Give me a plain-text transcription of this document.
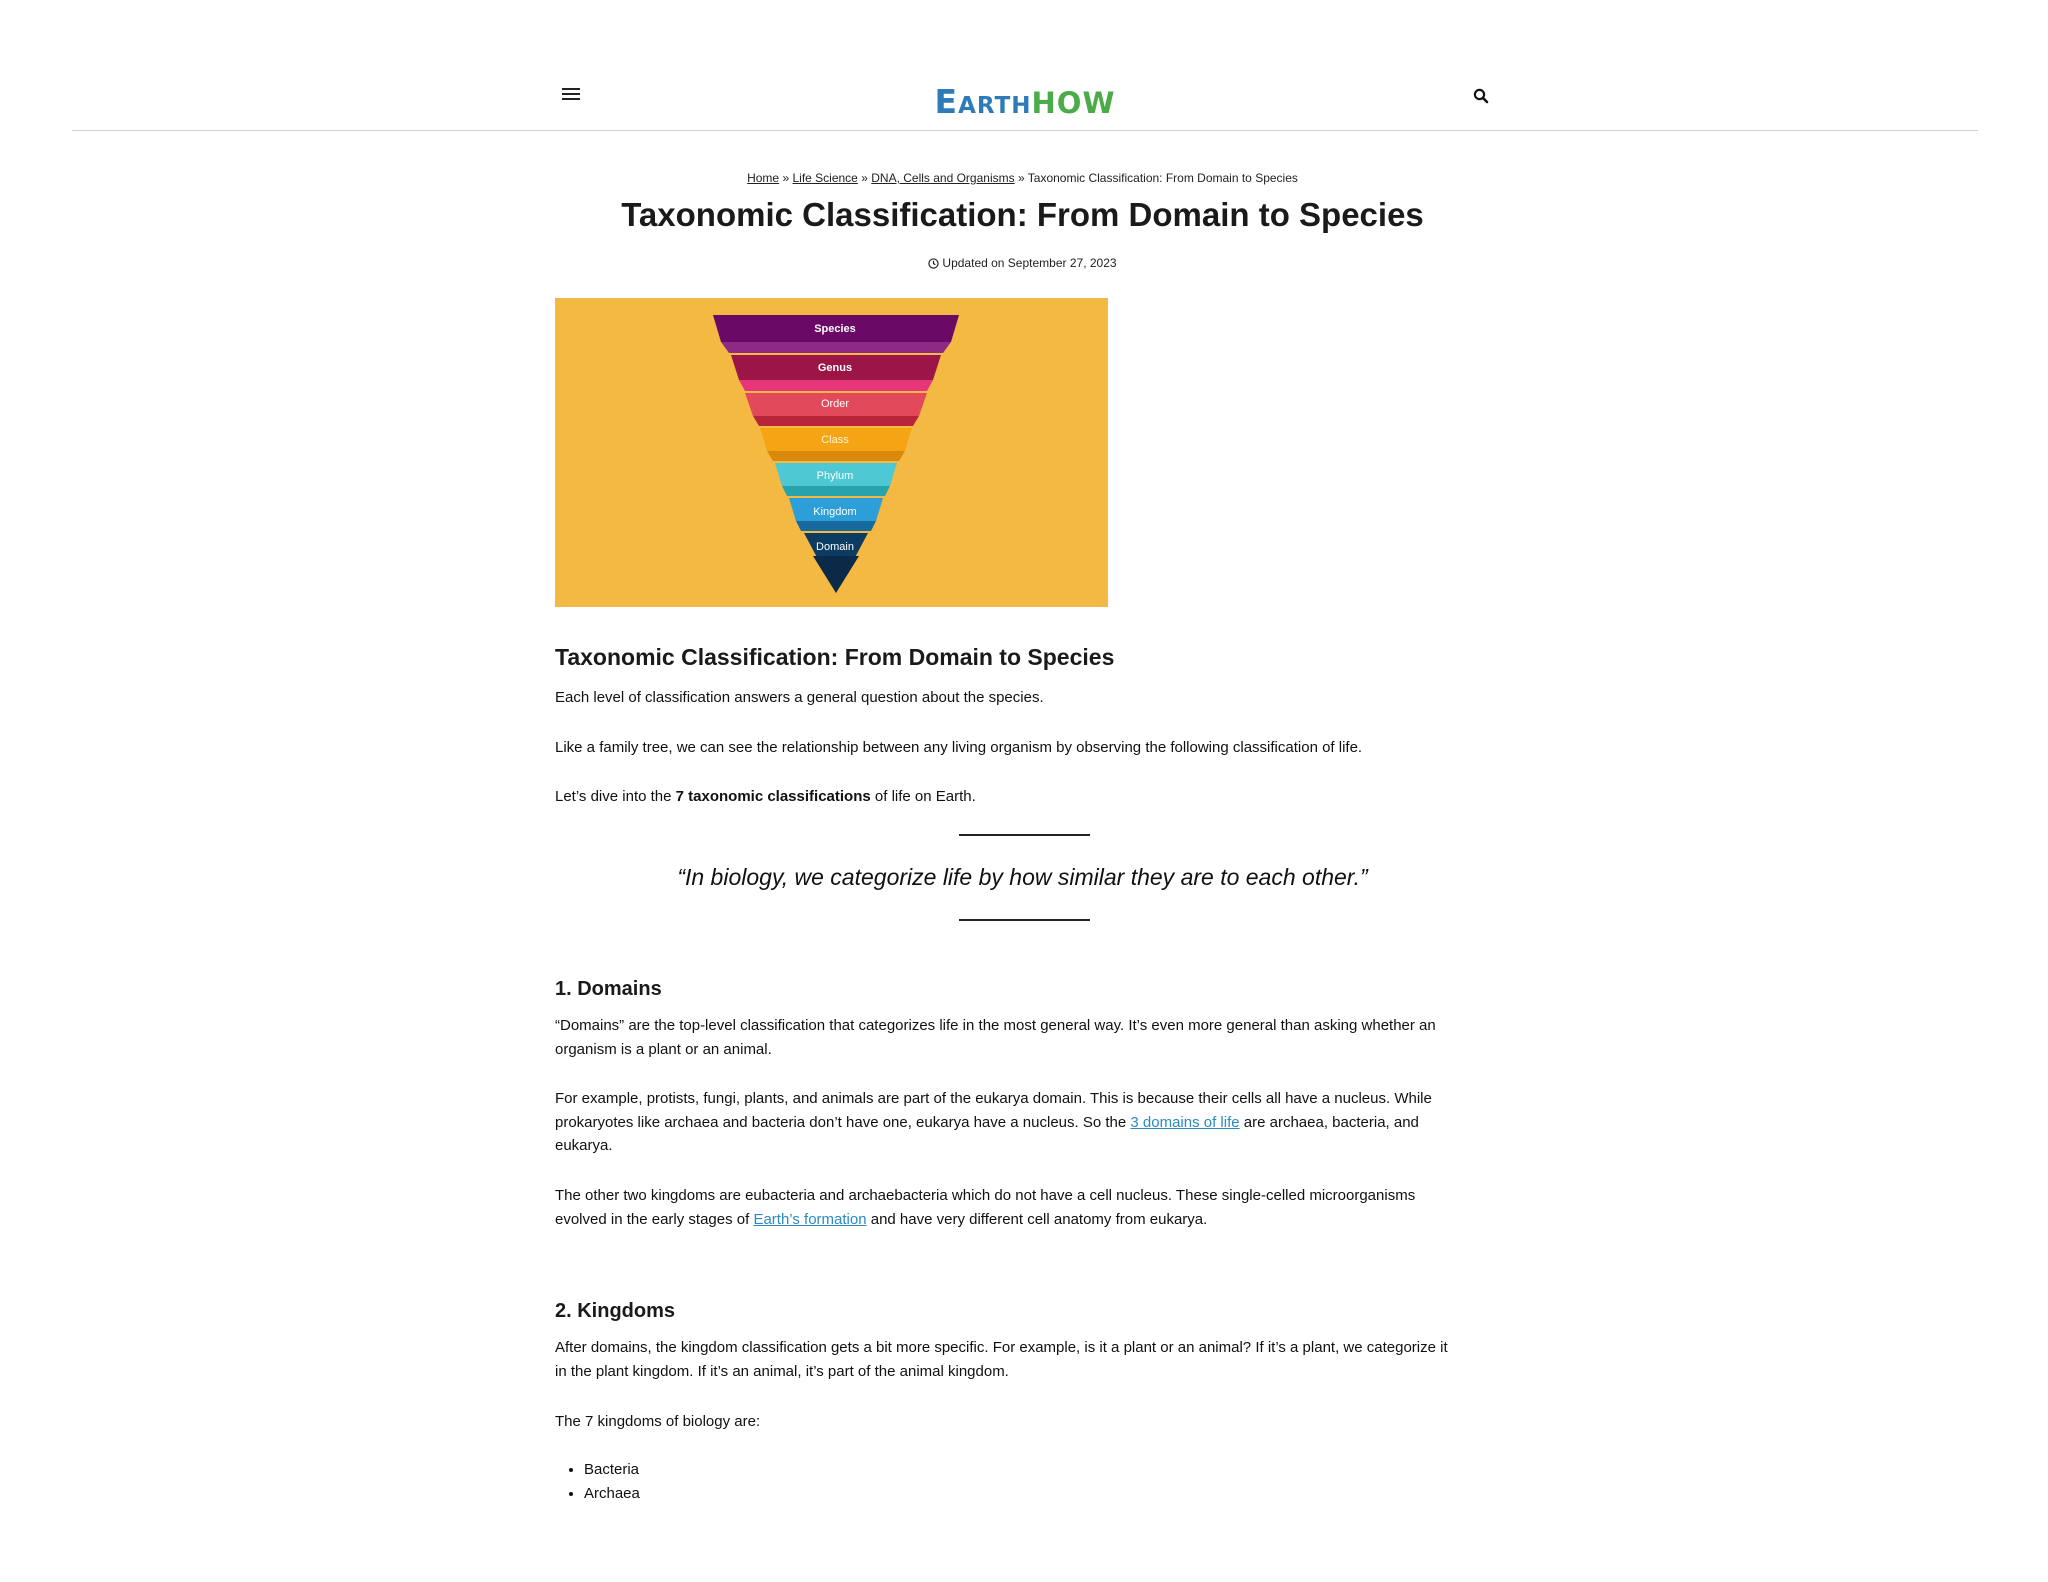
EarthHOW
Home » Life Science » DNA, Cells and Organisms » Taxonomic Classification: From Domain to Species
Taxonomic Classification: From Domain to Species
Updated on September 27, 2023
Species
Genus
Order
Class
Phylum
Kingdom
Domain
Taxonomic Classification: From Domain to Species

Each level of classification answers a general question about the species.

Like a family tree, we can see the relationship between any living organism by observing the following classification of life.

Let’s dive into the 7 taxonomic classifications of life on Earth.

“In biology, we categorize life by how similar they are to each other.”

1. Domains

“Domains” are the top-level classification that categorizes life in the most general way. It’s even more general than asking whether an
organism is a plant or an animal.

For example, protists, fungi, plants, and animals are part of the eukarya domain. This is because their cells all have a nucleus. While
prokaryotes like archaea and bacteria don’t have one, eukarya have a nucleus. So the 3 domains of life are archaea, bacteria, and
eukarya.

The other two kingdoms are eubacteria and archaebacteria which do not have a cell nucleus. These single-celled microorganisms
evolved in the early stages of Earth’s formation and have very different cell anatomy from eukarya.

2. Kingdoms

After domains, the kingdom classification gets a bit more specific. For example, is it a plant or an animal? If it’s a plant, we categorize it
in the plant kingdom. If it’s an animal, it’s part of the animal kingdom.

The 7 kingdoms of biology are:

• Bacteria
• Archaea
